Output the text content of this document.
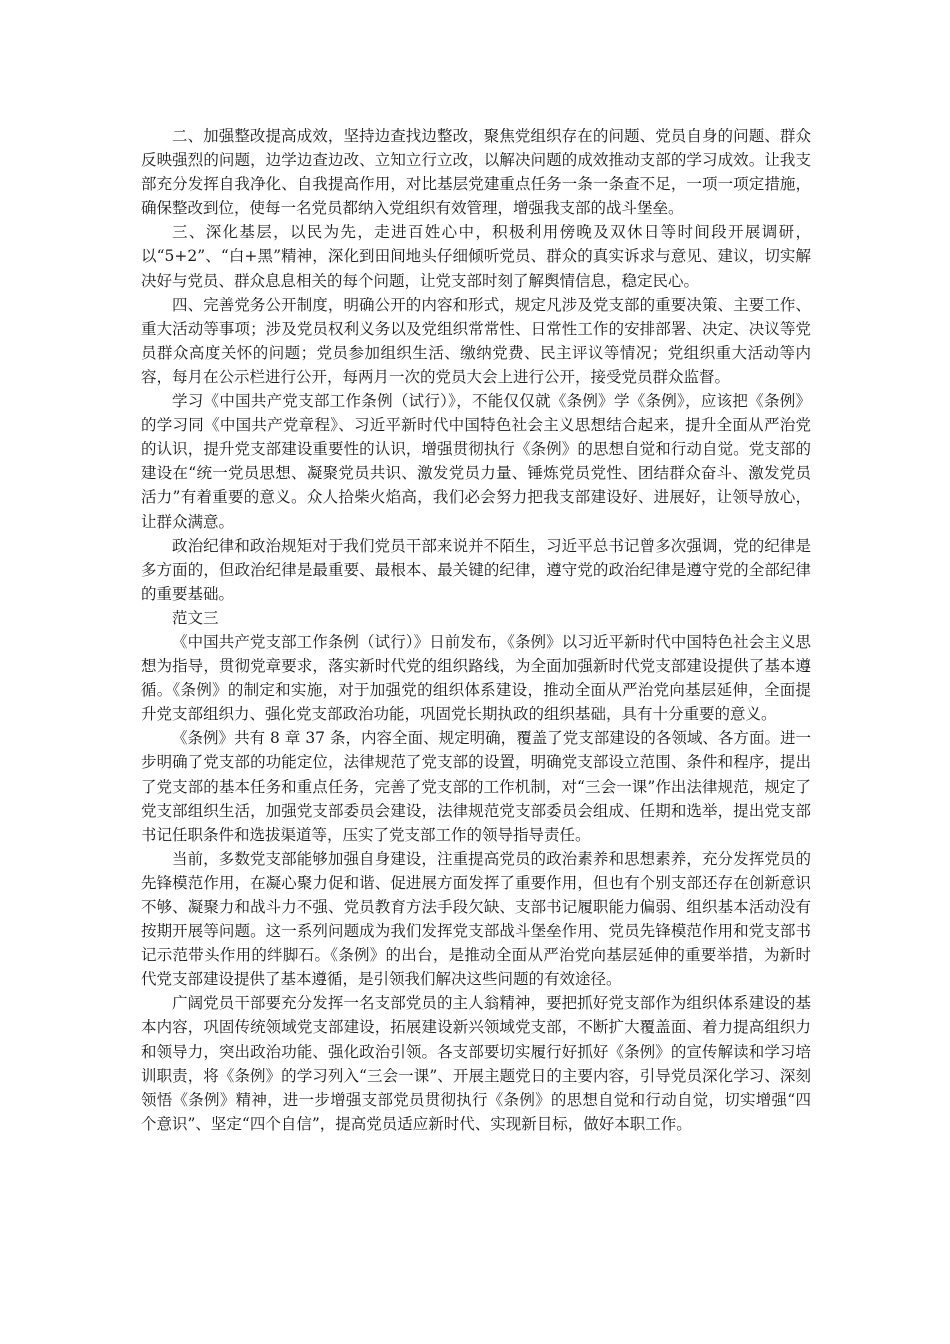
二、加强整改提高成效，坚持边查找边整改，聚焦党组织存在的问题、党员自身的问题、群众反映强烈的问题，边学边查边改、立知立行立改，以解决问题的成效推动支部的学习成效。让我支部充分发挥自我净化、自我提高作用，对比基层党建重点任务一条一条查不足，一项一项定措施，确保整改到位，使每一名党员都纳入党组织有效管理，增强我支部的战斗堡垒。

三、深化基层，以民为先，走进百姓心中，积极利用傍晚及双休日等时间段开展调研，以“5+2”、“白+黑”精神，深化到田间地头仔细倾听党员、群众的真实诉求与意见、建议，切实解决好与党员、群众息息相关的每个问题，让党支部时刻了解舆情信息，稳定民心。

四、完善党务公开制度，明确公开的内容和形式，规定凡涉及党支部的重要决策、主要工作、重大活动等事项；涉及党员权利义务以及党组织常常性、日常性工作的安排部署、决定、决议等党员群众高度关怀的问题；党员参加组织生活、缴纳党费、民主评议等情况；党组织重大活动等内容，每月在公示栏进行公开，每两月一次的党员大会上进行公开，接受党员群众监督。

学习《中国共产党支部工作条例（试行）》，不能仅仅就《条例》学《条例》，应该把《条例》的学习同《中国共产党章程》、习近平新时代中国特色社会主义思想结合起来，提升全面从严治党的认识，提升党支部建设重要性的认识，增强贯彻执行《条例》的思想自觉和行动自觉。党支部的建设在“统一党员思想、凝聚党员共识、激发党员力量、锤炼党员党性、团结群众奋斗、激发党员活力”有着重要的意义。众人拾柴火焰高，我们必会努力把我支部建设好、进展好，让领导放心，让群众满意。

政治纪律和政治规矩对于我们党员干部来说并不陌生，习近平总书记曾多次强调，党的纪律是多方面的，但政治纪律是最重要、最根本、最关键的纪律，遵守党的政治纪律是遵守党的全部纪律的重要基础。

范文三

《中国共产党支部工作条例（试行）》日前发布，《条例》以习近平新时代中国特色社会主义思想为指导，贯彻党章要求，落实新时代党的组织路线，为全面加强新时代党支部建设提供了基本遵循。《条例》的制定和实施，对于加强党的组织体系建设，推动全面从严治党向基层延伸，全面提升党支部组织力、强化党支部政治功能，巩固党长期执政的组织基础，具有十分重要的意义。

《条例》共有 8 章 37 条，内容全面、规定明确，覆盖了党支部建设的各领域、各方面。进一步明确了党支部的功能定位，法律规范了党支部的设置，明确党支部设立范围、条件和程序，提出了党支部的基本任务和重点任务，完善了党支部的工作机制，对“三会一课”作出法律规范，规定了党支部组织生活，加强党支部委员会建设，法律规范党支部委员会组成、任期和选举，提出党支部书记任职条件和选拔渠道等，压实了党支部工作的领导指导责任。

当前，多数党支部能够加强自身建设，注重提高党员的政治素养和思想素养，充分发挥党员的先锋模范作用，在凝心聚力促和谐、促进展方面发挥了重要作用，但也有个别支部还存在创新意识不够、凝聚力和战斗力不强、党员教育方法手段欠缺、支部书记履职能力偏弱、组织基本活动没有按期开展等问题。这一系列问题成为我们发挥党支部战斗堡垒作用、党员先锋模范作用和党支部书记示范带头作用的绊脚石。《条例》的出台，是推动全面从严治党向基层延伸的重要举措，为新时代党支部建设提供了基本遵循，是引领我们解决这些问题的有效途径。

广阔党员干部要充分发挥一名支部党员的主人翁精神，要把抓好党支部作为组织体系建设的基本内容，巩固传统领域党支部建设，拓展建设新兴领域党支部，不断扩大覆盖面、着力提高组织力和领导力，突出政治功能、强化政治引领。各支部要切实履行好抓好《条例》的宣传解读和学习培训职责，将《条例》的学习列入“三会一课”、开展主题党日的主要内容，引导党员深化学习、深刻领悟《条例》精神，进一步增强支部党员贯彻执行《条例》的思想自觉和行动自觉，切实增强“四个意识”、坚定“四个自信”，提高党员适应新时代、实现新目标，做好本职工作。
